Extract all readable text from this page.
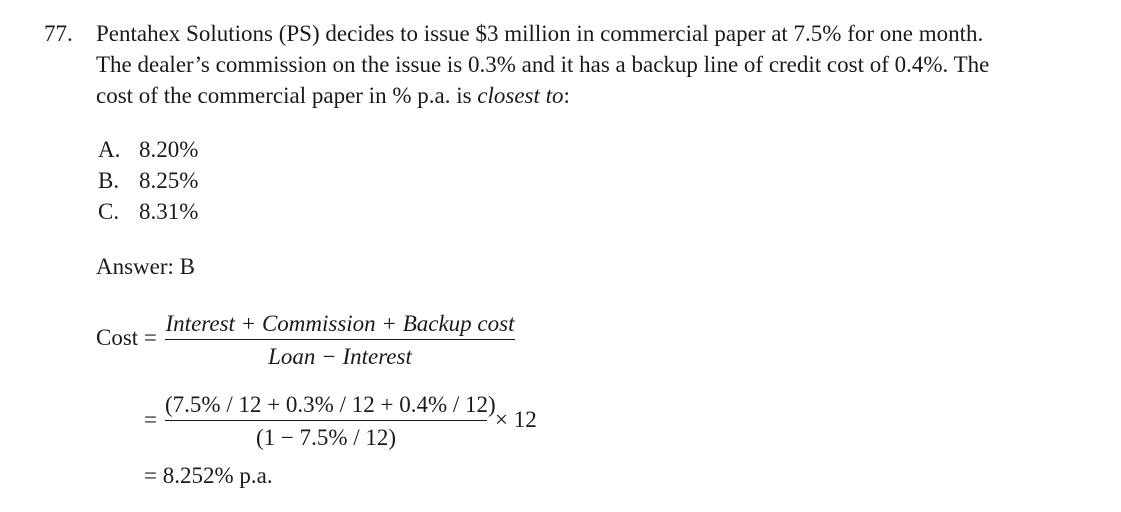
77. Pentahex Solutions (PS) decides to issue $3 million in commercial paper at 7.5% for one month.
The dealer’s commission on the issue is 0.3% and it has a backup line of credit cost of 0.4%. The
cost of the commercial paper in % p.a. is closest to:
A. 8.20%
B. 8.25%
C. 8.31%
Answer: B
Cost =
Interest + Commission + Backup cost
Loan − Interest
=
(7.5% / 12 + 0.3% / 12 + 0.4% / 12)
(1 − 7.5% / 12)
× 12
= 8.252% p.a.
